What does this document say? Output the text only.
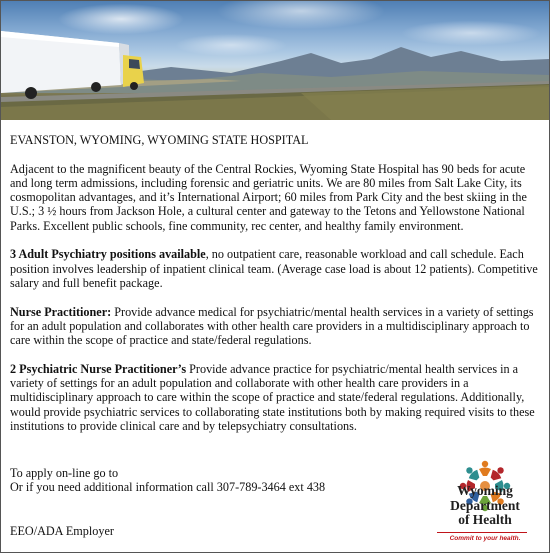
EVANSTON, WYOMING, WYOMING STATE HOSPITAL

Adjacent to the magnificent beauty of the Central Rockies, Wyoming State Hospital has 90 beds for acute and long term admissions, including forensic and geriatric units. We are 80 miles from Salt Lake City, its cosmopolitan advantages, and it’s International Airport; 60 miles from Park City and the best skiing in the U.S.; 3 ½ hours from Jackson Hole, a cultural center and gateway to the Tetons and Yellowstone National Parks. Excellent public schools, fine community, rec center, and healthy family environment.

3 Adult Psychiatry positions available, no outpatient care, reasonable workload and call schedule. Each position involves leadership of inpatient clinical team. (Average case load is about 12 patients). Competitive salary and full benefit package.

Nurse Practitioner: Provide advance medical for psychiatric/mental health services in a variety of settings for an adult population and collaborates with other health care providers in a multidisciplinary approach to care within the scope of practice and state/federal regulations.

2 Psychiatric Nurse Practitioner’s Provide advance practice for psychiatric/mental health services in a variety of settings for an adult population and collaborate with other health care providers in a multidisciplinary approach to care within the scope of practice and state/federal regulations. Additionally, would provide psychiatric services to collaborating state institutions both by making required visits to these institutions to provide clinical care and by telepsychiatry consultations.

To apply on-line go to
Or if you need additional information call 307-789-3464 ext 438
EEO/ADA Employer
Wyoming
Department
of Health
Commit to your health.
